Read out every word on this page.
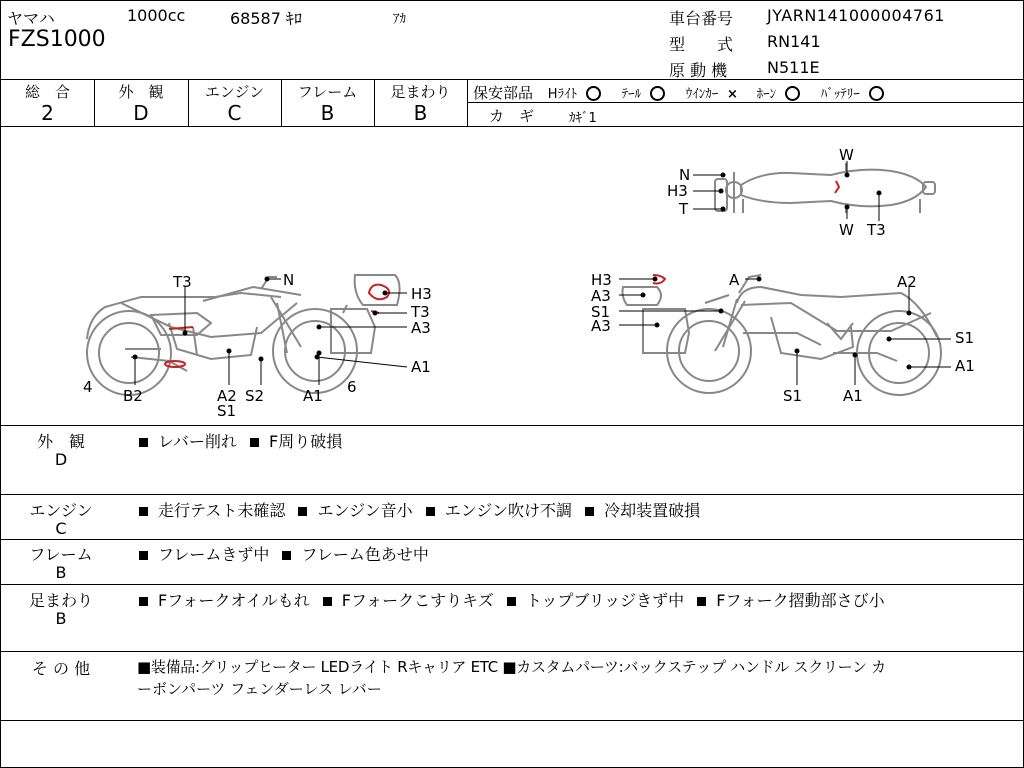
ヤマハ	1000cc	68587 ｷﾛ	ｱｶ
FZS1000
車台番号 JYARN141000004761
型　　式 RN141
原 動 機 N511E
総　合
2
外　観
D
エンジン
C
フレーム
B
足まわり
B
保安部品 Hﾗｲﾄ	ﾃｰﾙ	ｳｲﾝｶｰ × ﾎｰﾝ	ﾊﾞｯﾃﾘｰ
カ　ギ	ｶｷﾞ1
N
H3
T
W
W T3
T3	N
H3
T3
A3
A1
4 B2	A2 S2
S1
A1 6
H3
A3
S1
A3
A	A2
S1
A1
S1	A1
外　観
D
レバー削れ F周り破損
エンジン
C
走行テスト未確認 エンジン音小 エンジン吹け不調 冷却装置破損
フレーム
B
フレームきず中 フレーム色あせ中
足まわり
B
Fフォークオイルもれ Fフォークこすりキズ トップブリッジきず中 Fフォーク摺動部さび小
そ の 他	■装備品:グリップヒーター LEDライト Rキャリア ETC ■カスタムパーツ:バックステップ ハンドル スクリーン カ
ーボンパーツ フェンダーレス レバー
